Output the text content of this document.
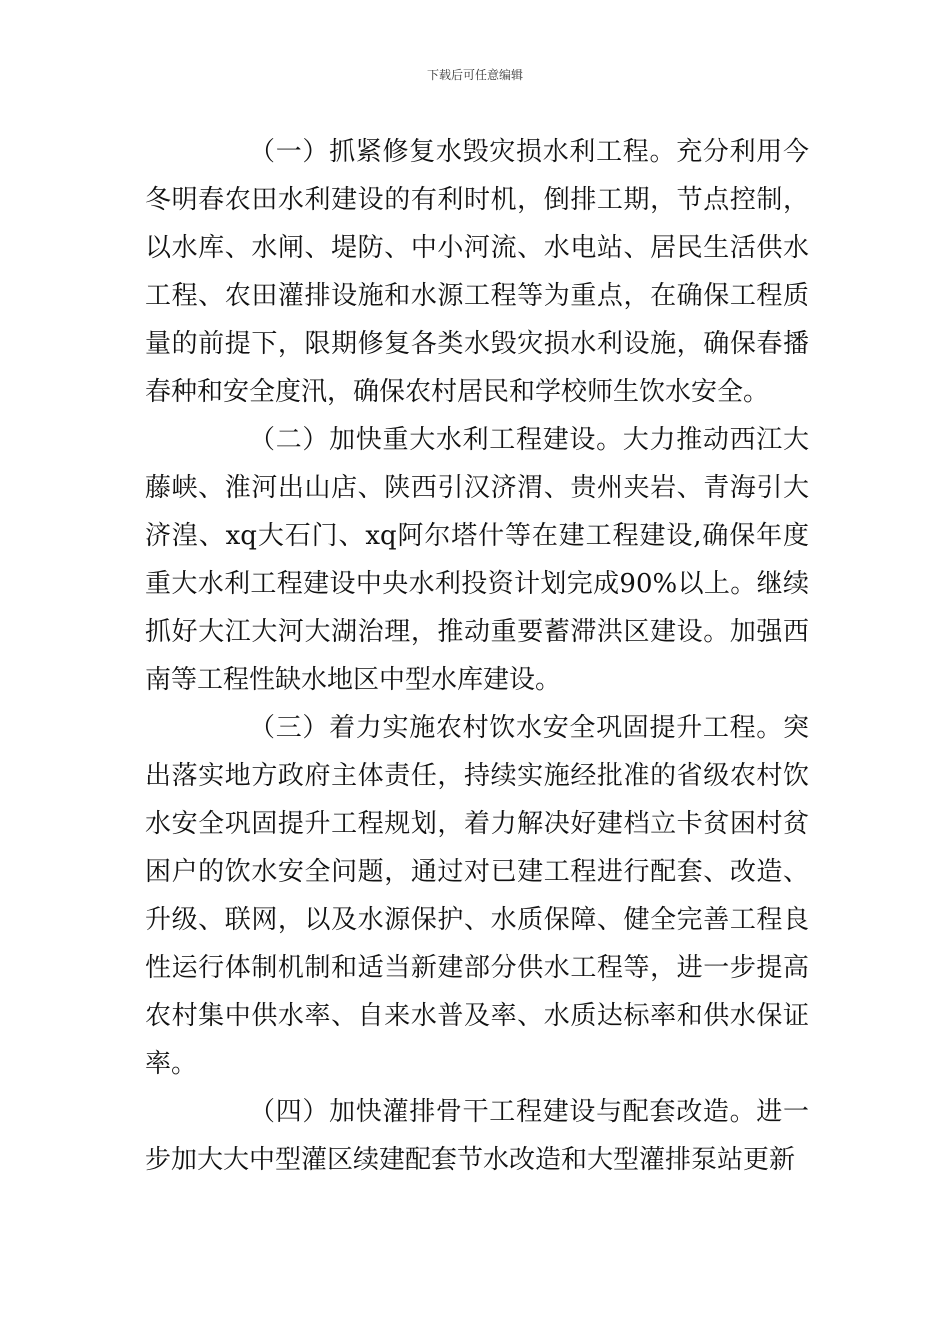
下载后可任意编辑

（一）抓紧修复水毁灾损水利工程。充分利用今冬明春农田水利建设的有利时机，倒排工期，节点控制，以水库、水闸、堤防、中小河流、水电站、居民生活供水工程、农田灌排设施和水源工程等为重点，在确保工程质量的前提下，限期修复各类水毁灾损水利设施，确保春播春种和安全度汛，确保农村居民和学校师生饮水安全。

（二）加快重大水利工程建设。大力推动西江大藤峡、淮河出山店、陕西引汉济渭、贵州夹岩、青海引大济湟、xq大石门、xq阿尔塔什等在建工程建设,确保年度重大水利工程建设中央水利投资计划完成90%以上。继续抓好大江大河大湖治理，推动重要蓄滞洪区建设。加强西南等工程性缺水地区中型水库建设。

（三）着力实施农村饮水安全巩固提升工程。突出落实地方政府主体责任，持续实施经批准的省级农村饮水安全巩固提升工程规划，着力解决好建档立卡贫困村贫困户的饮水安全问题，通过对已建工程进行配套、改造、升级、联网，以及水源保护、水质保障、健全完善工程良性运行体制机制和适当新建部分供水工程等，进一步提高农村集中供水率、自来水普及率、水质达标率和供水保证率。

（四）加快灌排骨干工程建设与配套改造。进一步加大大中型灌区续建配套节水改造和大型灌排泵站更新
